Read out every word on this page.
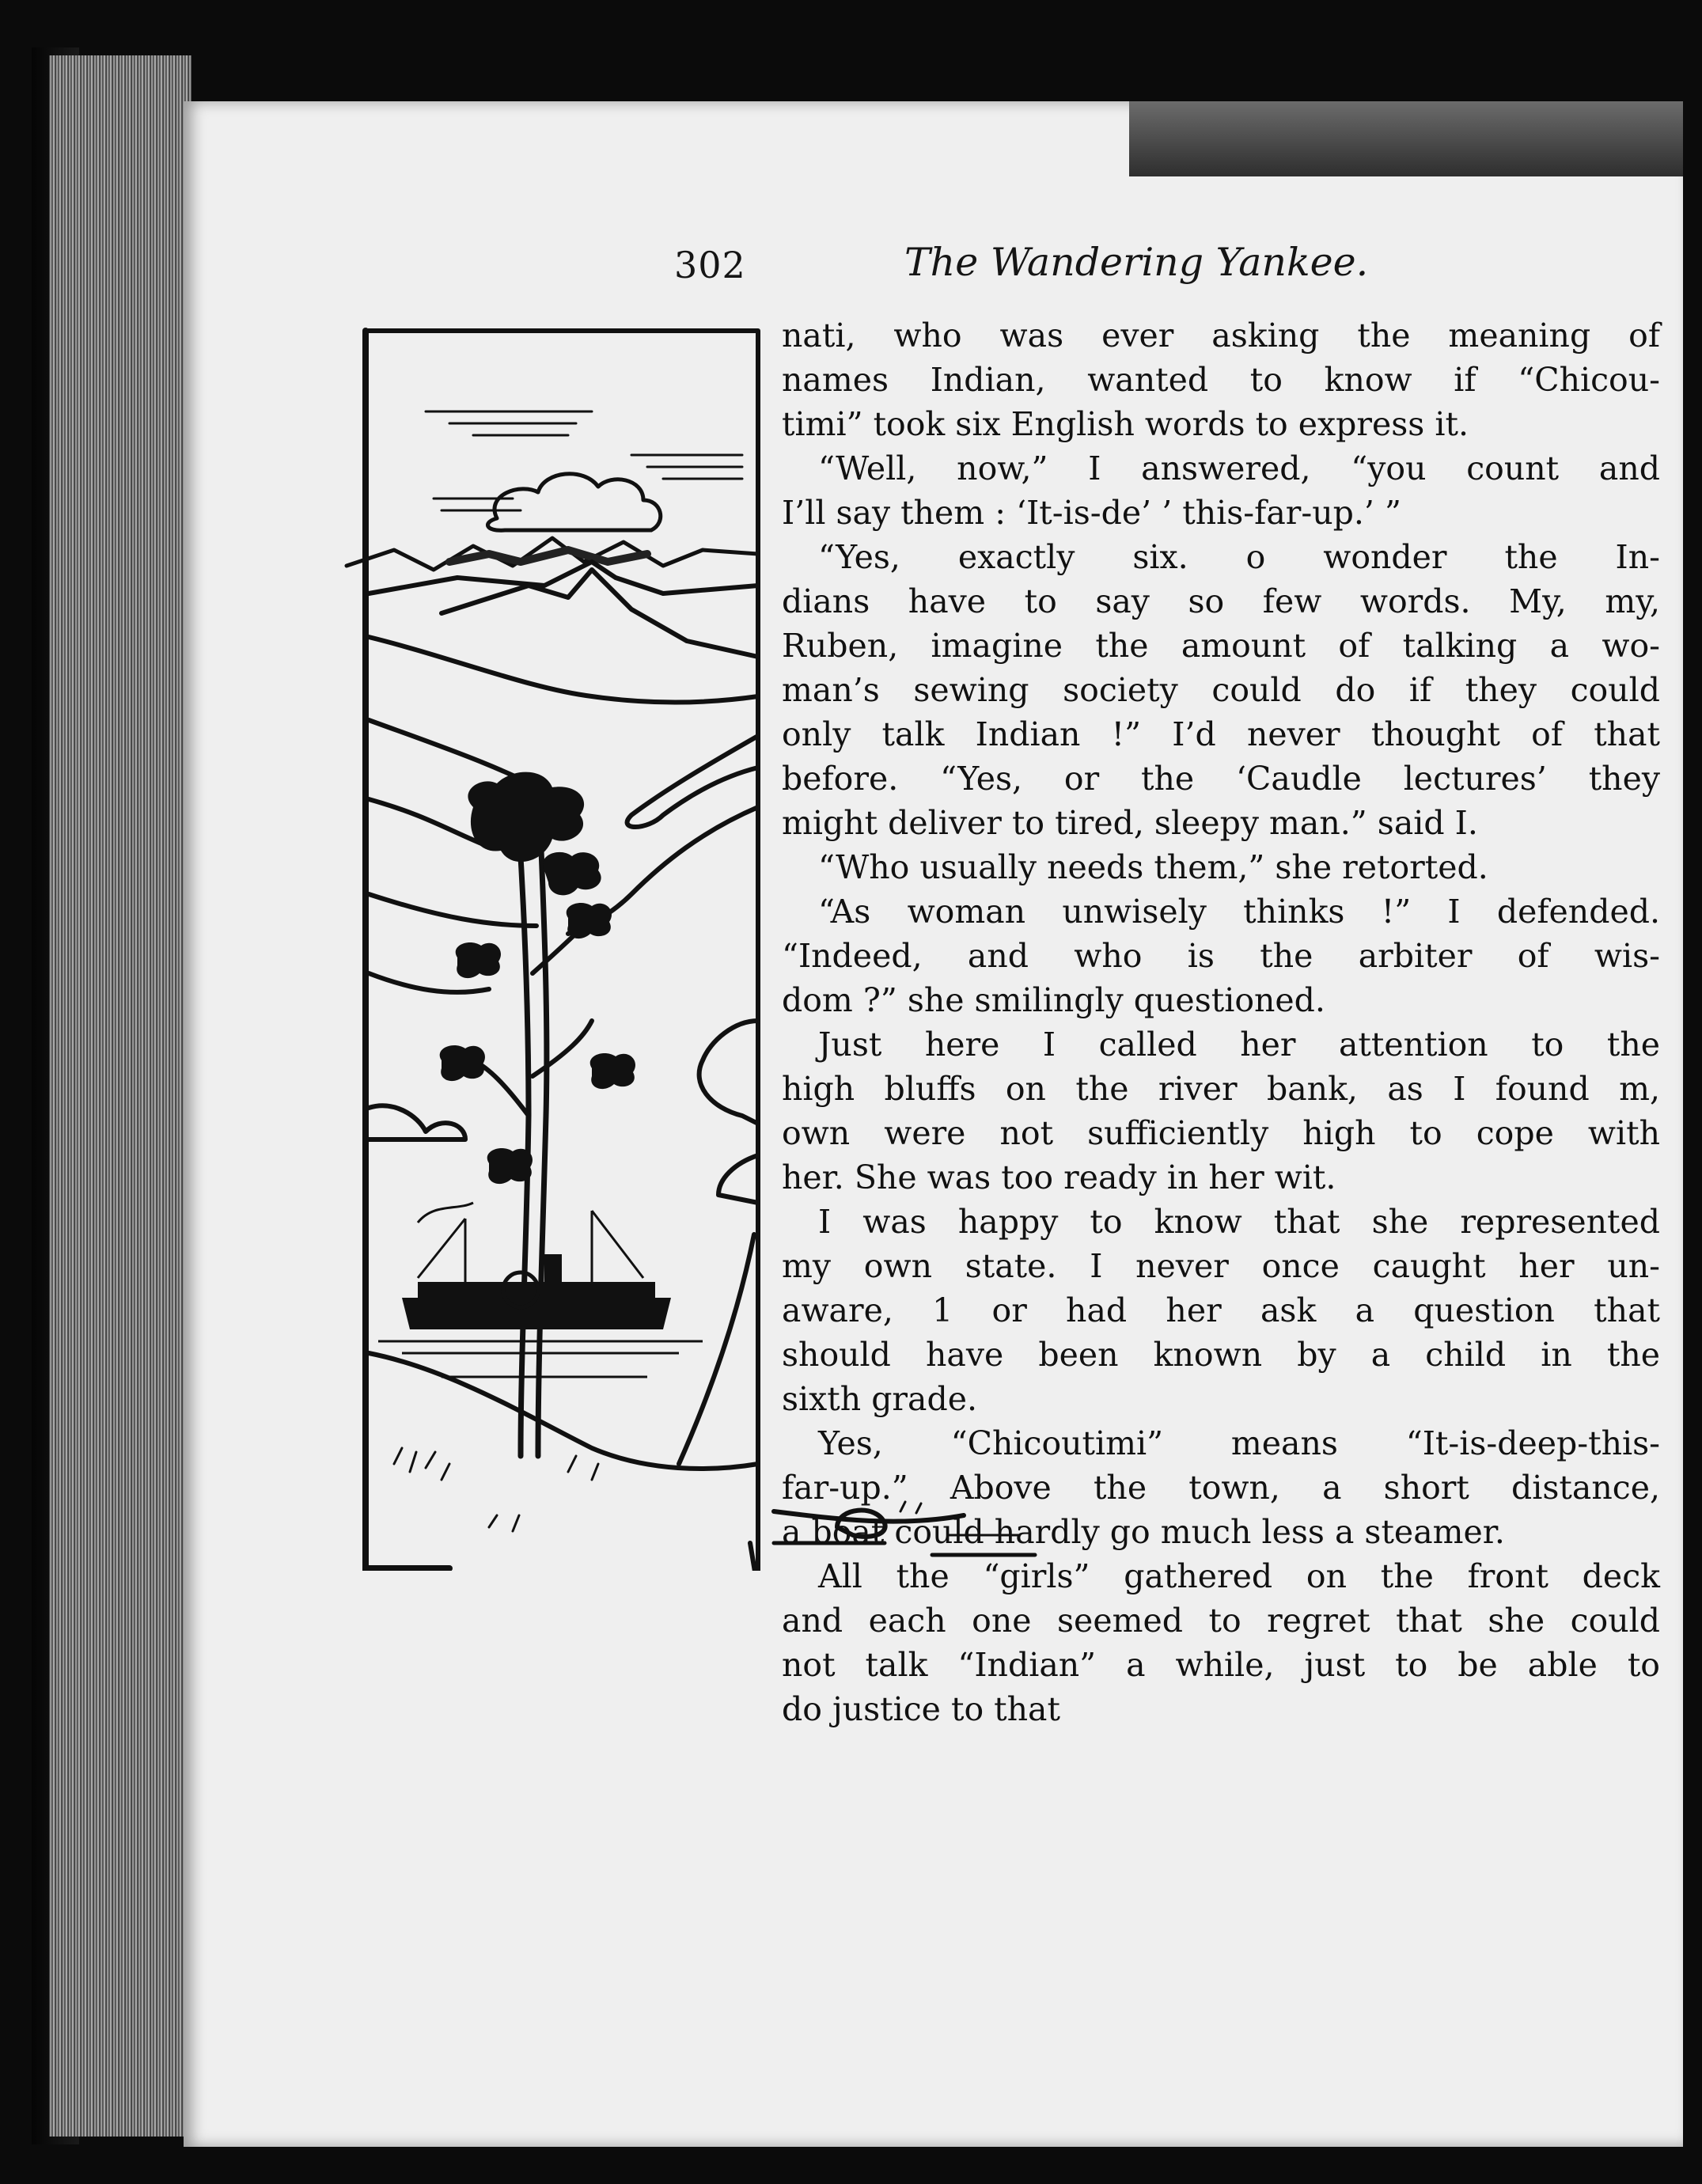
302	The Wandering Yankee.
nati, who was ever asking the meaning of
names Indian, wanted to know if “Chicou-
timi” took six English words to express it.
“Well, now,” I answered, “you count and
I’ll say them : ‘It-is-de’ ’ this-far-up.’ ”
“Yes, exactly six. o wonder the In-
dians have to say so few words. My, my,
Ruben, imagine the amount of talking a wo-
man’s sewing society could do if they could
only talk Indian !” I’d never thought of that
before. “Yes, or the ‘Caudle lectures’ they
might deliver to tired, sleepy man.” said I.
“Who usually needs them,” she retorted.
“As woman unwisely thinks !” I defended.
“Indeed, and who is the arbiter of wis-
dom ?” she smilingly questioned.
Just here I called her attention to the
high bluffs on the river bank, as I found m,
own were not sufficiently high to cope with
her. She was too ready in her wit.
I was happy to know that she represented
my own state. I never once caught her un-
aware, 1 or had her ask a question that
should have been known by a child in the
sixth grade.
Yes, “Chicoutimi” means “It-is-deep-this-
far-up.” Above the town, a short distance,
a boat could hardly go much less a steamer.
All the “girls” gathered on the front deck
and each one seemed to regret that she could
not talk “Indian” a while, just to be able to
do justice to that
